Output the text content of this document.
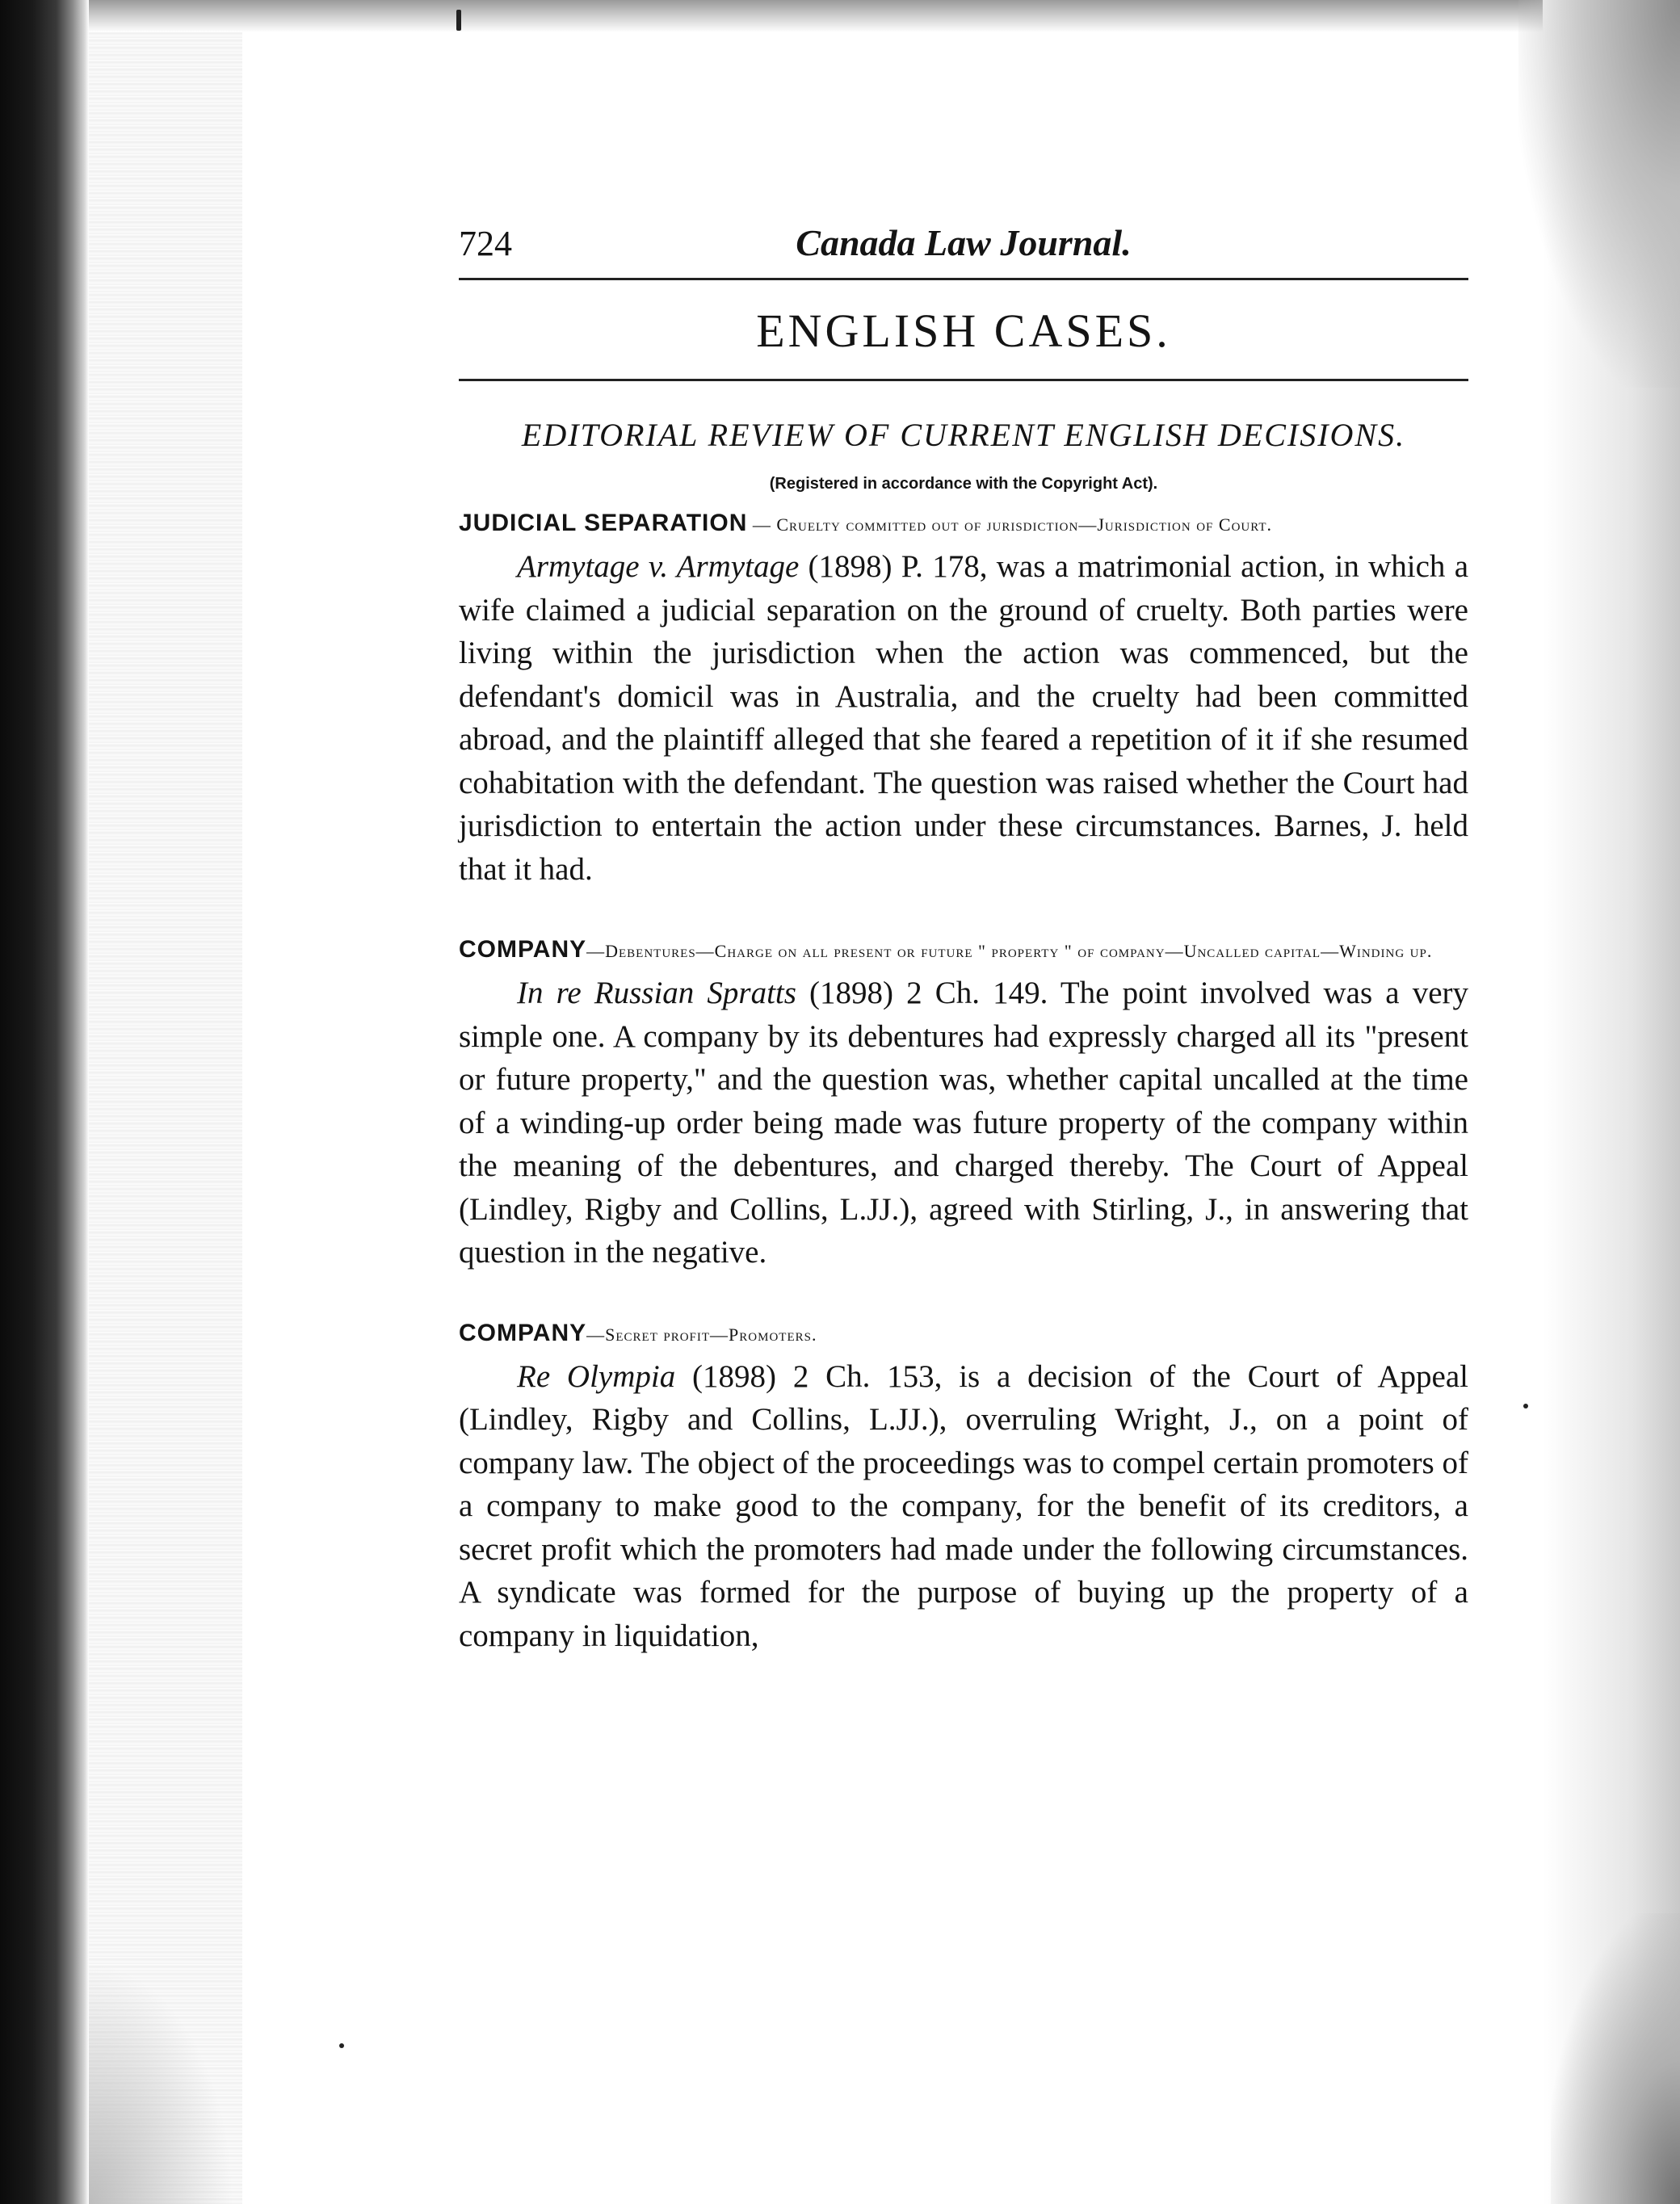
724	Canada Law Journal.
ENGLISH CASES.
EDITORIAL REVIEW OF CURRENT ENGLISH DECISIONS.
(Registered in accordance with the Copyright Act).
JUDICIAL SEPARATION — Cruelty committed out of jurisdiction—Jurisdiction of Court.
Armytage v. Armytage (1898) P. 178, was a matrimonial action, in which a wife claimed a judicial separation on the ground of cruelty. Both parties were living within the jurisdiction when the action was commenced, but the defendant's domicil was in Australia, and the cruelty had been committed abroad, and the plaintiff alleged that she feared a repetition of it if she resumed cohabitation with the defendant. The question was raised whether the Court had jurisdiction to entertain the action under these circumstances. Barnes, J. held that it had.
COMPANY—Debentures—Charge on all present or future " property " of company—Uncalled capital—Winding up.
In re Russian Spratts (1898) 2 Ch. 149. The point involved was a very simple one. A company by its debentures had expressly charged all its "present or future property," and the question was, whether capital uncalled at the time of a winding-up order being made was future property of the company within the meaning of the debentures, and charged thereby. The Court of Appeal (Lindley, Rigby and Collins, L.JJ.), agreed with Stirling, J., in answering that question in the negative.
COMPANY—Secret profit—Promoters.
Re Olympia (1898) 2 Ch. 153, is a decision of the Court of Appeal (Lindley, Rigby and Collins, L.JJ.), overruling Wright, J., on a point of company law. The object of the proceedings was to compel certain promoters of a company to make good to the company, for the benefit of its creditors, a secret profit which the promoters had made under the following circumstances. A syndicate was formed for the purpose of buying up the property of a company in liquidation,
